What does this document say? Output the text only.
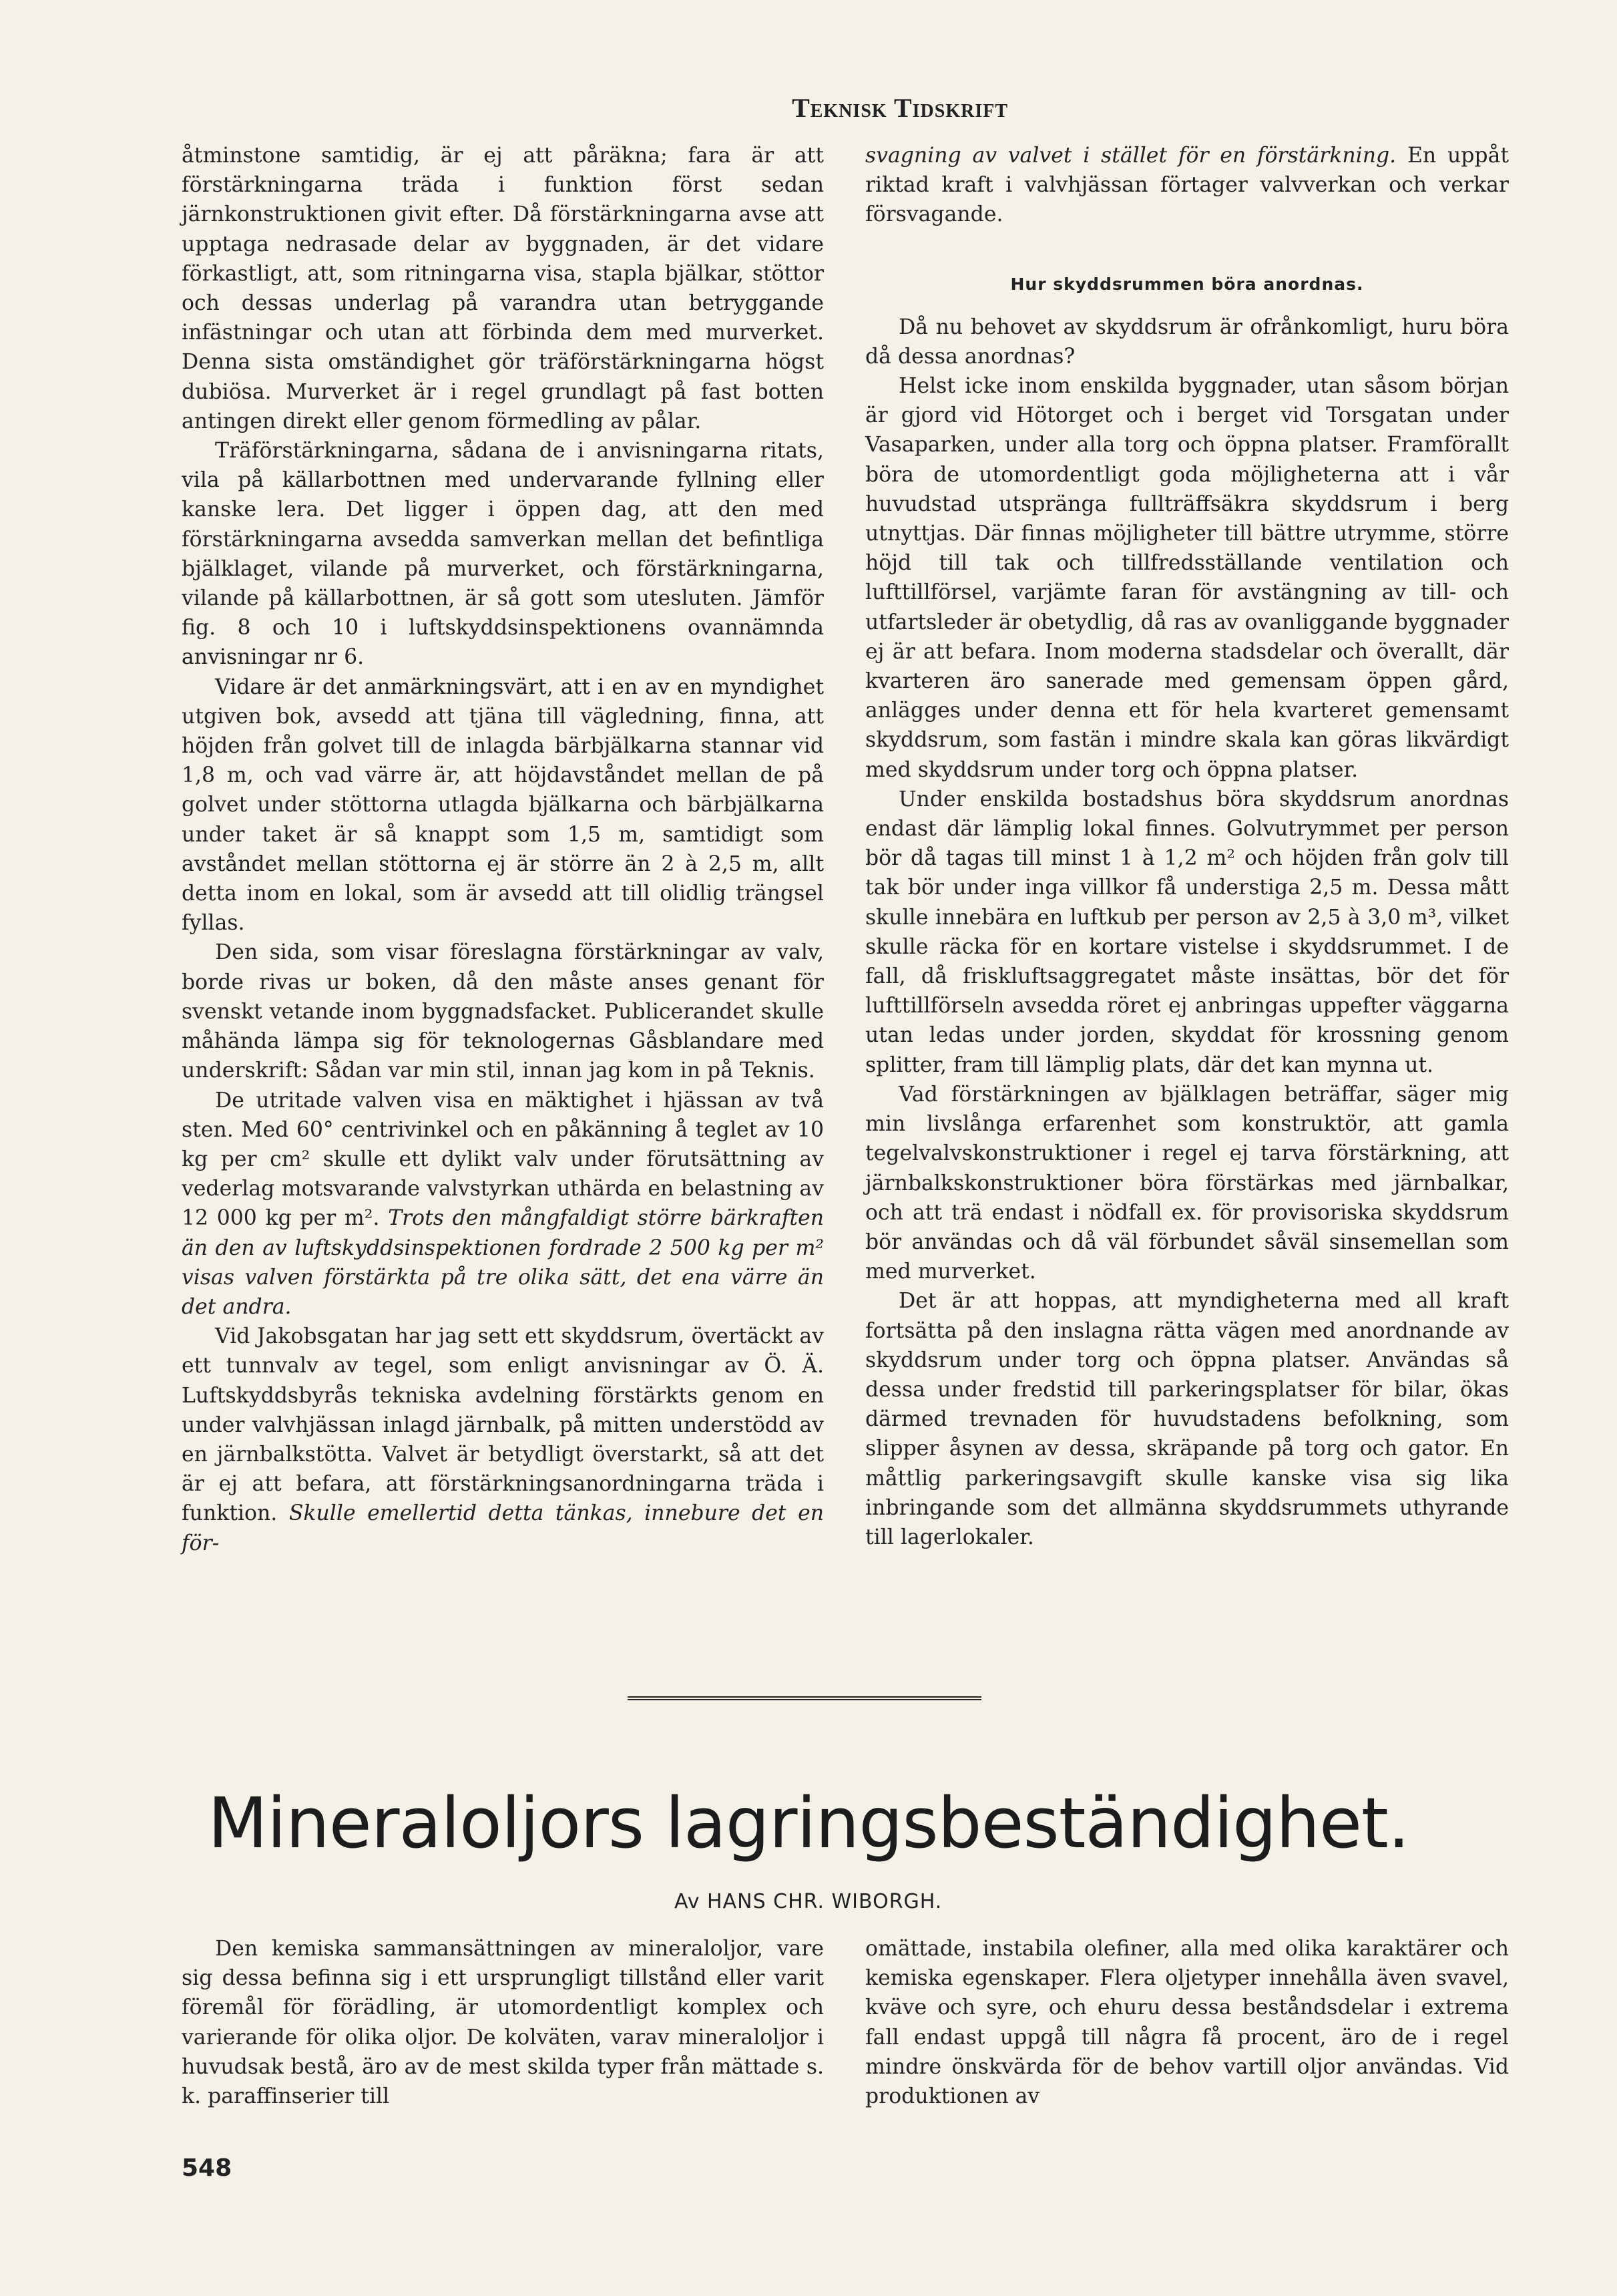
Teknisk Tidskrift

åtminstone samtidig, är ej att påräkna; fara är att förstärkningarna träda i funktion först sedan järnkonstruktionen givit efter. Då förstärkningarna avse att upptaga nedrasade delar av byggnaden, är det vidare förkastligt, att, som ritningarna visa, stapla bjälkar, stöttor och dessas underlag på varandra utan betryggande infästningar och utan att förbinda dem med murverket. Denna sista omständighet gör träförstärkningarna högst dubiösa. Murverket är i regel grundlagt på fast botten antingen direkt eller genom förmedling av pålar.

Träförstärkningarna, sådana de i anvisningarna ritats, vila på källarbottnen med undervarande fyllning eller kanske lera. Det ligger i öppen dag, att den med förstärkningarna avsedda samverkan mellan det befintliga bjälklaget, vilande på murverket, och förstärkningarna, vilande på källarbottnen, är så gott som uteslutеn. Jämför fig. 8 och 10 i luftskyddsinspektionens ovannämnda anvisningar nr 6.

Vidare är det anmärkningsvärt, att i en av en myndighet utgiven bok, avsedd att tjäna till vägledning, finna, att höjden från golvet till de inlagda bärbjälkarna stannar vid 1,8 m, och vad värre är, att höjdavståndet mellan de på golvet under stöttorna utlagda bjälkarna och bärbjälkarna under taket är så knappt som 1,5 m, samtidigt som avståndet mellan stöttorna ej är större än 2 à 2,5 m, allt detta inom en lokal, som är avsedd att till olidlig trängsel fyllas.

Den sida, som visar föreslagna förstärkningar av valv, borde rivas ur boken, då den måste anses genant för svenskt vetande inom byggnadsfacket. Publicerandet skulle måhända lämpa sig för teknologernas Gåsblandare med underskrift: Sådan var min stil, innan jag kom in på Teknis.

De utritade valven visa en mäktighet i hjässan av två sten. Med 60° centrivinkel och en påkänning å teglet av 10 kg per cm² skulle ett dylikt valv under förutsättning av vederlag motsvarande valvstyrkan uthärda en belastning av 12 000 kg per m². Trots den mångfaldigt större bärkraften än den av luftskyddsinspektionen fordrade 2 500 kg per m² visas valven förstärkta på tre olika sätt, det ena värre än det andra.

Vid Jakobsgatan har jag sett ett skyddsrum, övertäckt av ett tunnvalv av tegel, som enligt anvisningar av Ö. Ä. Luftskyddsbyrås tekniska avdelning förstärkts genom en under valvhjässan inlagd järnbalk, på mitten understödd av en järnbalkstötta. Valvet är betydligt överstarkt, så att det är ej att befara, att förstärkningsanordningarna träda i funktion. Skulle emellertid detta tänkas, innebure det en för-

svagning av valvet i stället för en förstärkning. En uppåt riktad kraft i valvhjässan förtager valvverkan och verkar försvagande.

Hur skyddsrummen böra anordnas.

Då nu behovet av skyddsrum är ofrånkomligt, huru böra då dessa anordnas?

Helst icke inom enskilda byggnader, utan såsom början är gjord vid Hötorget och i berget vid Torsgatan under Vasaparken, under alla torg och öppna platser. Framförallt böra de utomordentligt goda möjligheterna att i vår huvudstad utspränga fullträffsäkra skyddsrum i berg utnyttjas. Där finnas möjligheter till bättre utrymme, större höjd till tak och tillfredsställande ventilation och lufttillförsel, varjämte faran för avstängning av till- och utfartsleder är obetydlig, då ras av ovanliggande byggnader ej är att befara. Inom moderna stadsdelar och överallt, där kvarteren äro sanerade med gemensam öppen gård, anlägges under denna ett för hela kvarteret gemensamt skyddsrum, som fastän i mindre skala kan göras likvärdigt med skyddsrum under torg och öppna platser.

Under enskilda bostadshus böra skyddsrum anordnas endast där lämplig lokal finnes. Golvutrymmet per person bör då tagas till minst 1 à 1,2 m² och höjden från golv till tak bör under inga villkor få understiga 2,5 m. Dessa mått skulle innebära en luftkub per person av 2,5 à 3,0 m³, vilket skulle räcka för en kortare vistelse i skyddsrummet. I de fall, då friskluftsaggregatet måste insättas, bör det för lufttillförseln avsedda röret ej anbringas uppefter väggarna utan ledas under jorden, skyddat för krossning genom splitter, fram till lämplig plats, där det kan mynna ut.

Vad förstärkningen av bjälklagen beträffar, säger mig min livslånga erfarenhet som konstruktör, att gamla tegelvalvskonstruktioner i regel ej tarva förstärkning, att järnbalkskonstruktioner böra förstärkas med järnbalkar, och att trä endast i nödfall ex. för provisoriska skyddsrum bör användas och då väl förbundet såväl sinsemellan som med murverket.

Det är att hoppas, att myndigheterna med all kraft fortsätta på den inslagna rätta vägen med anordnande av skyddsrum under torg och öppna platser. Användas så dessa under fredstid till parkeringsplatser för bilar, ökas därmed trevnaden för huvudstadens befolkning, som slipper åsynen av dessa, skräpande på torg och gator. En måttlig parkeringsavgift skulle kanske visa sig lika inbringande som det allmänna skyddsrummets uthyrande till lagerlokaler.

Mineraloljors lagringsbeständighet.
Av HANS CHR. WIBORGH.

Den kemiska sammansättningen av mineraloljor, vare sig dessa befinna sig i ett ursprungligt tillstånd eller varit föremål för förädling, är utomordentligt komplex och varierande för olika oljor. De kolväten, varav mineraloljor i huvudsak bestå, äro av de mest skilda typer från mättade s. k. paraffinserier till

omättade, instabila olefiner, alla med olika karaktärer och kemiska egenskaper. Flera oljetyper innehålla även svavel, kväve och syre, och ehuru dessa beståndsdelar i extrema fall endast uppgå till några få procent, äro de i regel mindre önskvärda för de behov vartill oljor användas. Vid produktionen av

548
